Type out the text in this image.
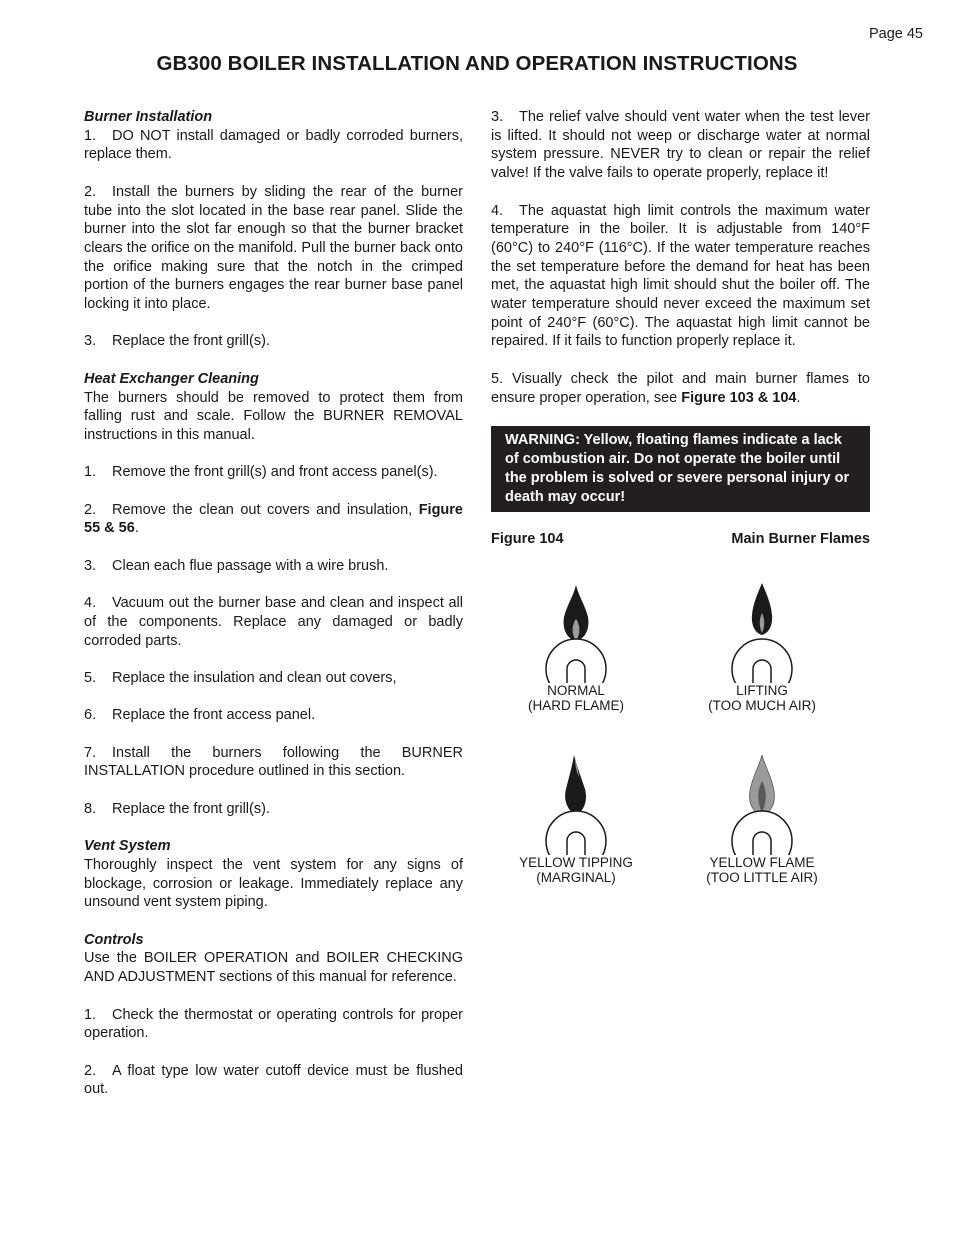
Page 45
GB300 BOILER INSTALLATION AND OPERATION INSTRUCTIONS
Burner Installation

1. DO NOT install damaged or badly corroded burners, replace them.

2. Install the burners by sliding the rear of the burner tube into the slot located in the base rear panel. Slide the burner into the slot far enough so that the burner bracket clears the orifice on the manifold. Pull the burner back onto the orifice making sure that the notch in the crimped portion of the burners engages the rear burner base panel locking it into place.

3. Replace the front grill(s).

Heat Exchanger Cleaning

The burners should be removed to protect them from falling rust and scale. Follow the BURNER REMOVAL instructions in this manual.

1. Remove the front grill(s) and front access panel(s).

2. Remove the clean out covers and insulation, Figure 55 & 56.

3. Clean each flue passage with a wire brush.

4. Vacuum out the burner base and clean and inspect all of the components. Replace any damaged or badly corroded parts.

5. Replace the insulation and clean out covers,

6. Replace the front access panel.

7. Install the burners following the BURNER INSTALLATION procedure outlined in this section.

8. Replace the front grill(s).

Vent System

Thoroughly inspect the vent system for any signs of blockage, corrosion or leakage. Immediately replace any unsound vent system piping.

Controls

Use the BOILER OPERATION and BOILER CHECKING AND ADJUSTMENT sections of this manual for reference.

1. Check the thermostat or operating controls for proper operation.

2. A float type low water cutoff device must be flushed out.

3. The relief valve should vent water when the test lever is lifted. It should not weep or discharge water at normal system pressure. NEVER try to clean or repair the relief valve! If the valve fails to operate properly, replace it!

4. The aquastat high limit controls the maximum water temperature in the boiler. It is adjustable from 140°F (60°C) to 240°F (116°C). If the water temperature reaches the set temperature before the demand for heat has been met, the aquastat high limit should shut the boiler off. The water temperature should never exceed the maximum set point of 240°F (60°C). The aquastat high limit cannot be repaired. If it fails to function properly replace it.

5. Visually check the pilot and main burner flames to ensure proper operation, see Figure 103 & 104.

WARNING: Yellow, floating flames indicate a lack of combustion air. Do not operate the boiler until the problem is solved or severe personal injury or death may occur!
Figure 104	Main Burner Flames
NORMAL
(HARD FLAME)
LIFTING
(TOO MUCH AIR)
YELLOW TIPPING
(MARGINAL)
YELLOW FLAME
(TOO LITTLE AIR)
